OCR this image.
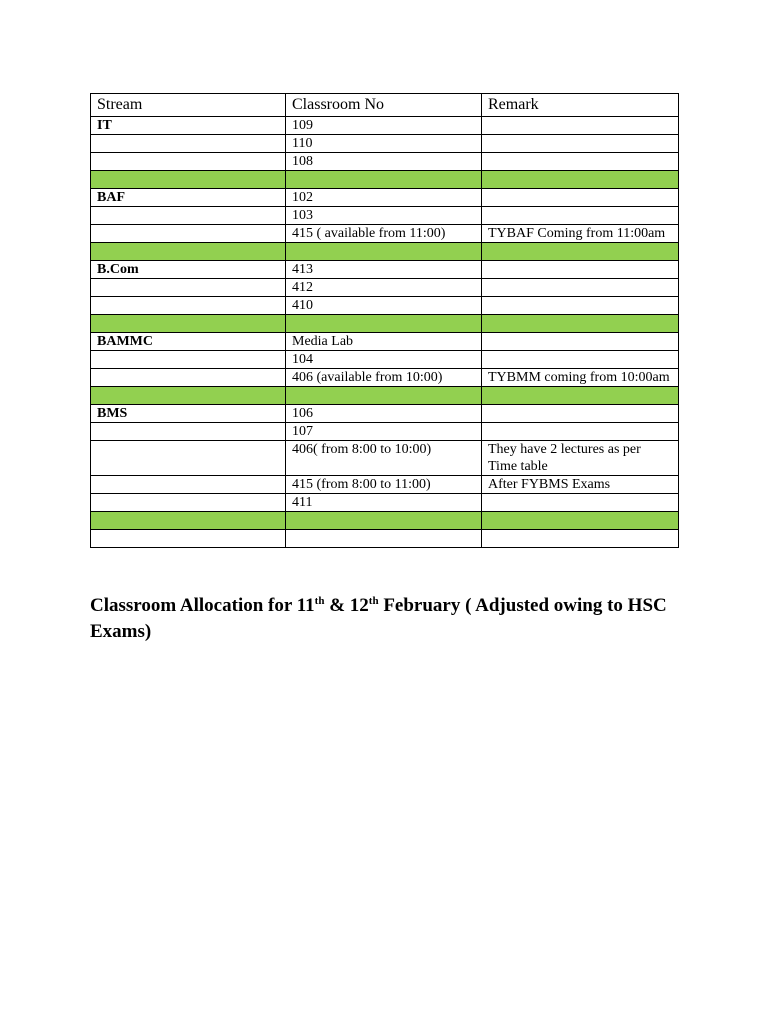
Stream	Classroom No	Remark
IT	109	
	110	
	108	

BAF	102	
	103	
	415 ( available from 11:00)	TYBAF Coming from 11:00am

B.Com	413	
	412	
	410	

BAMMC	Media Lab	
	104	
	406 (available from 10:00)	TYBMM coming from 10:00am

BMS	106	
	107	
	406( from 8:00 to 10:00)	They have 2 lectures as per Time table
	415 (from 8:00 to 11:00)	After FYBMS Exams
	411	

Classroom Allocation for 11th & 12th February ( Adjusted owing to HSC Exams)
